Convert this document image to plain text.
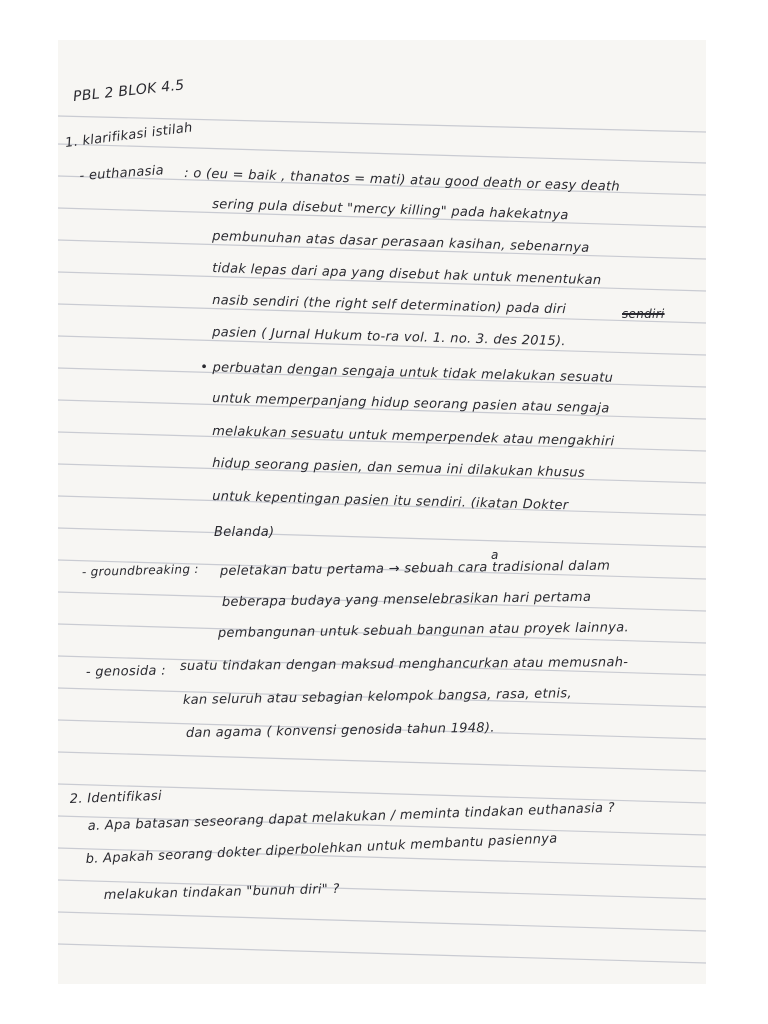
PBL 2 BLOK 4.5
1. klarifikasi istilah
- euthanasia : o (eu = baik , thanatos = mati) atau good death or easy death
sering pula disebut "mercy killing" pada hakekatnya
pembunuhan atas dasar perasaan kasihan, sebenarnya
tidak lepas dari apa yang disebut hak untuk menentukan
nasib sendiri (the right self determination) pada diri	sendiri
pasien ( Jurnal Hukum to-ra vol. 1. no. 3. des 2015).
• perbuatan dengan sengaja untuk tidak melakukan sesuatu
untuk memperpanjang hidup seorang pasien atau sengaja
melakukan sesuatu untuk memperpendek atau mengakhiri
hidup seorang pasien, dan semua ini dilakukan khusus
untuk kepentingan pasien itu sendiri. (ikatan Dokter
Belanda)
- groundbreaking : peletakan batu pertama → sebuah cara tradisional dalam
a
beberapa budaya yang menselebrasikan hari pertama
pembangunan untuk sebuah bangunan atau proyek lainnya.
- genosida : suatu tindakan dengan maksud menghancurkan atau memusnah-
kan seluruh atau sebagian kelompok bangsa, rasa, etnis,
dan agama ( konvensi genosida tahun 1948).
2. Identifikasi
a. Apa batasan seseorang dapat melakukan / meminta tindakan euthanasia ?
b. Apakah seorang dokter diperbolehkan untuk membantu pasiennya
melakukan tindakan "bunuh diri" ?
